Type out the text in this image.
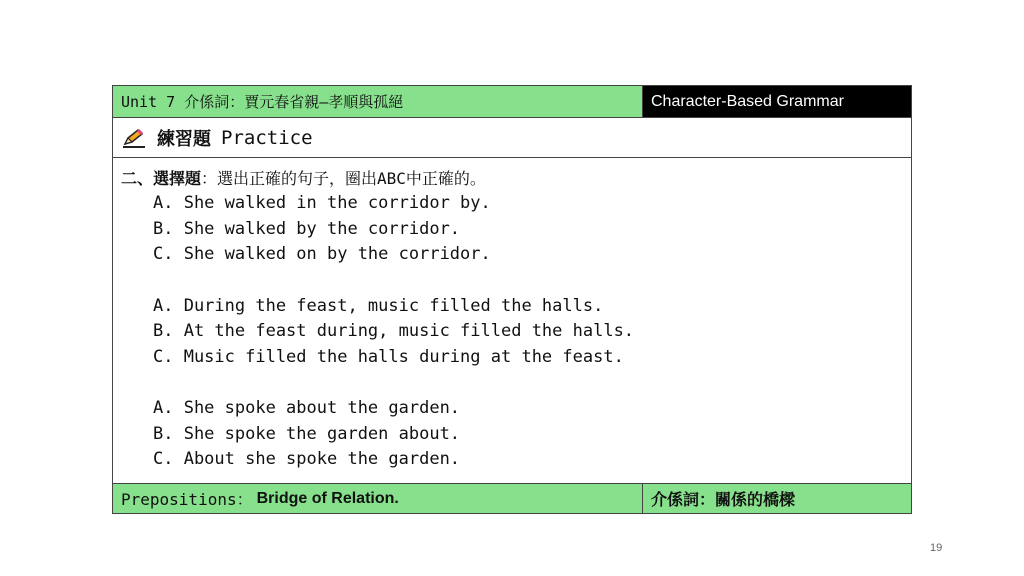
Unit 7 介係詞：賈元春省親—孝順與孤絕	Character-Based Grammar
練習題 Practice
二、選擇題：選出正確的句子，圈出ABC中正確的。
A. She walked in the corridor by.
B. She walked by the corridor.
C. She walked on by the corridor.
A. During the feast, music filled the halls.
B. At the feast during, music filled the halls.
C. Music filled the halls during at the feast.
A. She spoke about the garden.
B. She spoke the garden about.
C. About she spoke the garden.
Prepositions： Bridge of Relation.	介係詞：關係的橋樑
19
